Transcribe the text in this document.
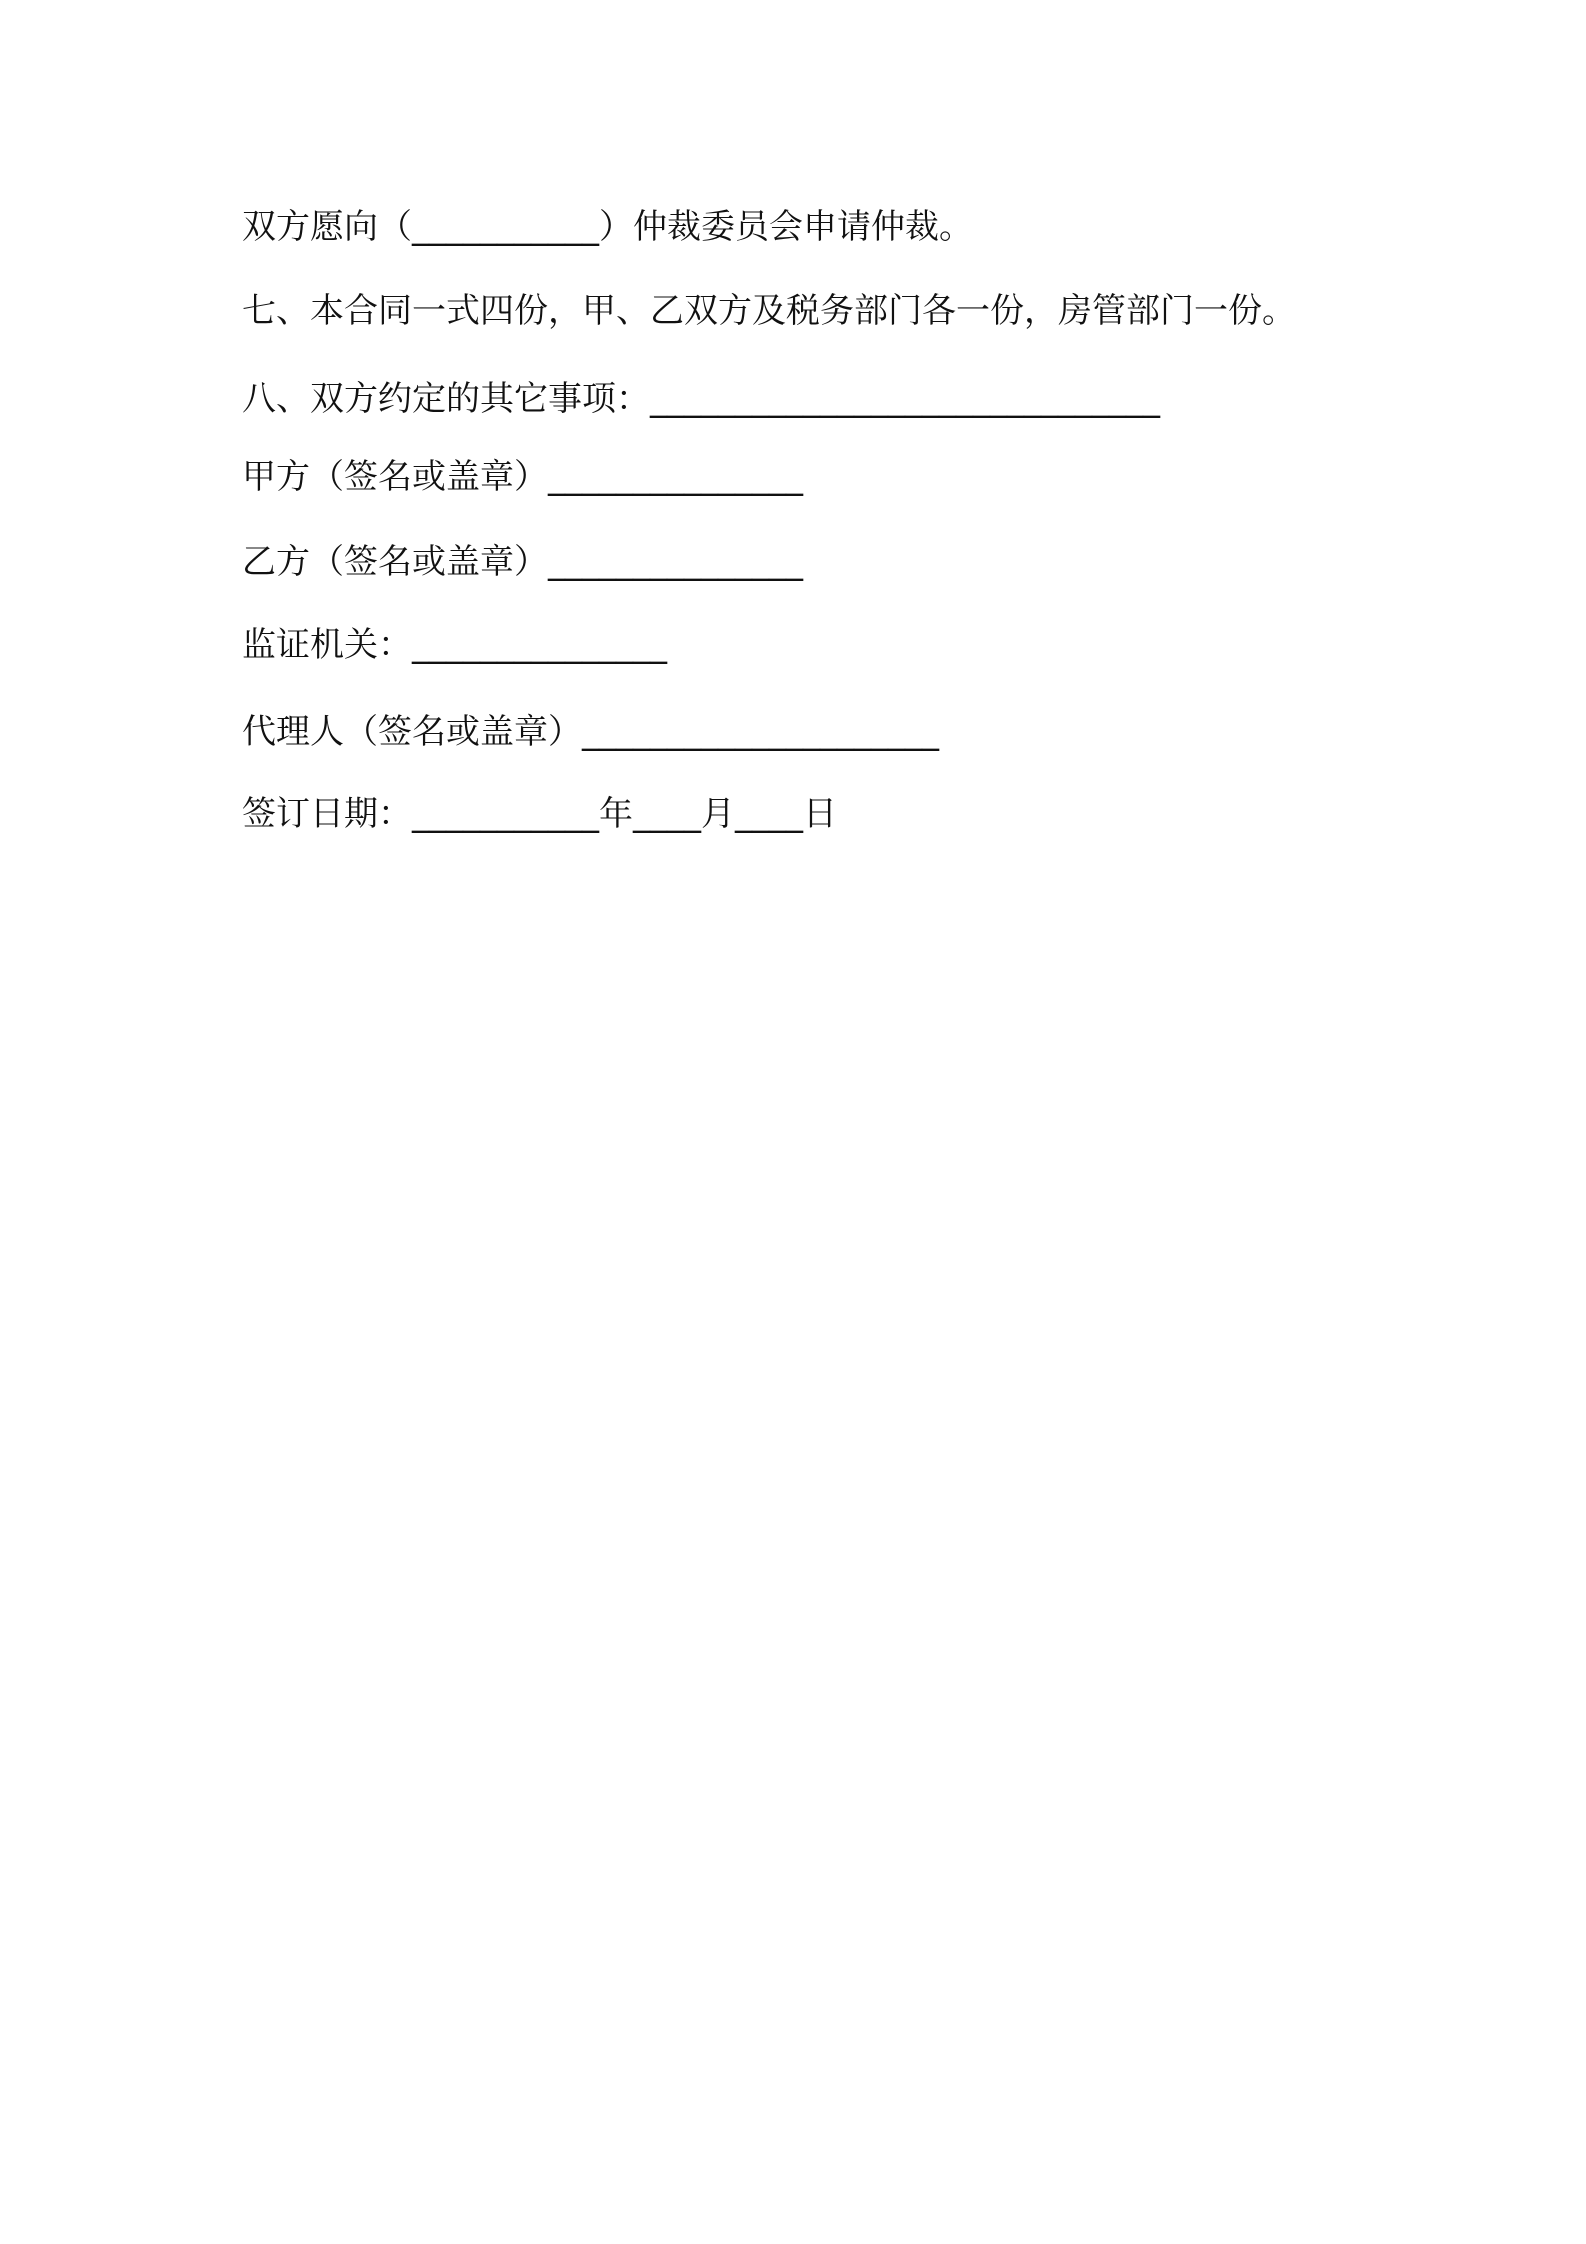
双方愿向（___________）仲裁委员会申请仲裁。
七、本合同一式四份，甲、乙双方及税务部门各一份，房管部门一份。
八、双方约定的其它事项：______________________________
甲方（签名或盖章）_______________
乙方（签名或盖章）_______________
监证机关：_______________
代理人（签名或盖章）_____________________
签订日期：___________年____月____日
